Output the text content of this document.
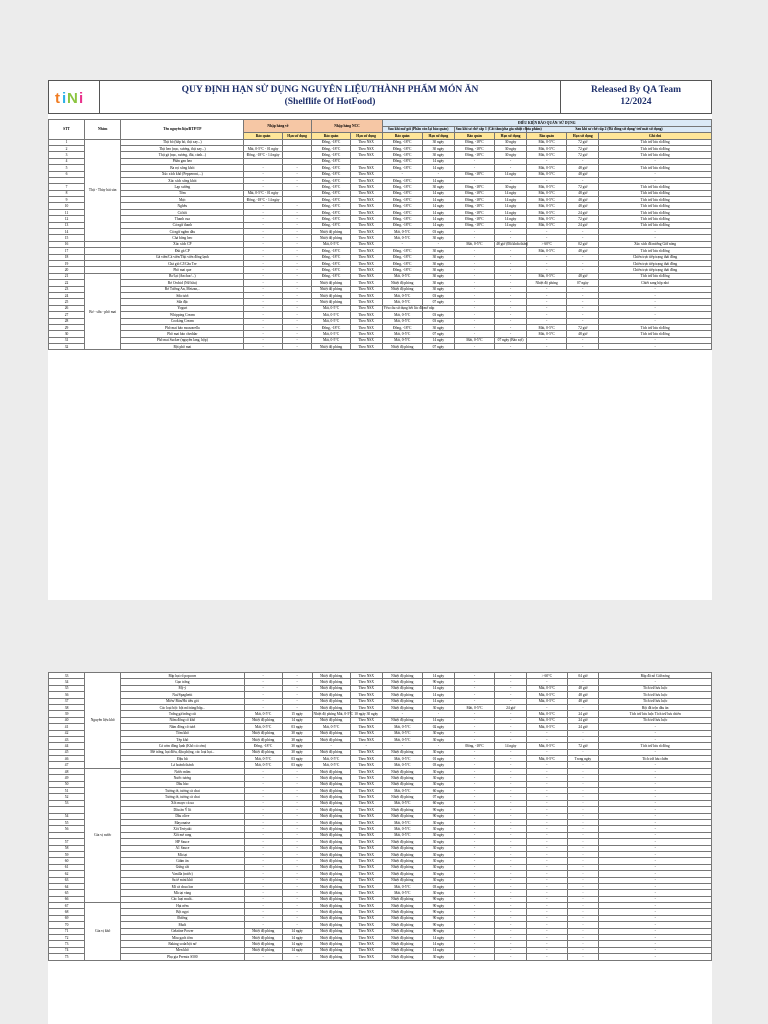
t i N i	QUY ĐỊNH HẠN SỬ DỤNG NGUYÊN LIỆU/THÀNH PHẨM MÓN ĂN
(Shelflife Of HotFood)
Released By QA Team
12/2024
STT	Nhóm	Tên nguyên liệu/BTP/TP	Nhập hàng về		Nhập hàng NCC		ĐIỀU KIỆN BẢO QUẢN/ SỬ DỤNG						
							Sau khi mở gói (Phần còn lại bảo quản)		Sau khi sơ chế cấp 1 (Cắt tầm/pha gia nhiệt chưa phẩm)		Sau khi sơ chế cấp 2 (Đã đóng sử dụng/ trữ mát sử dụng)		
			Bảo quản	Hạn sử dụng	Bảo quản	Hạn sử dụng	Bảo quản	Hạn sử dụng	Bảo quản	Hạn sử dụng	Bảo quản	Hạn sử dụng	Ghi chú
1	Thịt - Thủy hải sản	Thịt bò (bắp bò, thịt xay...)			Đông, -18°C	Theo NSX	Đông, -18°C	30 ngày	Đông, -18°C	30 ngày	Mát, 0-5°C	72 giờ	Tích trữ lưu rã đông
2		Thịt heo (nạc, xương, thịt xay...)	Mát, 0-5°C - 01 ngày		Đông, -18°C	Theo NSX	Đông, -18°C	30 ngày	Đông, -18°C	30 ngày	Mát, 0-5°C	72 giờ	Tích trữ lưu rã đông
3		Thịt gà (nạc, xương, đùi, cánh...)	Đông, -18°C - 14 ngày		Đông, -18°C	Theo NSX	Đông, -18°C	30 ngày	Đông, -18°C	30 ngày	Mát, 0-5°C	72 giờ	Tích trữ lưu rã đông
4		Phần gan heo			Đông, -18°C		Đông, -18°C	14 ngày	-	-	-	-	-
5		Ba rọi xông khói	-	-	Đông, -18°C	Theo NSX	Đông, -18°C	14 ngày	-	-	Mát, 0-5°C	48 giờ	Tích trữ lưu rã đông
6		Xúc xích khô (Pepperoni,...)	-	-	Đông, -18°C	Theo NSX	-	-	Đông, -18°C	14 ngày	Mát, 0-5°C	48 giờ	-
		Xúc xích xông khói	-	-	Đông, -18°C	Theo NSX	Đông, -18°C	14 ngày	-	-	-	-	-
7		Lạp xưởng	-	-	Đông, -18°C	Theo NSX	Đông, -18°C	30 ngày	Đông, -18°C	30 ngày	Mát, 0-5°C	72 giờ	Tích trữ lưu rã đông
8		Tôm	Mát, 0-5°C - 01 ngày		Đông, -18°C	Theo NSX	Đông, -18°C	14 ngày	Đông, -18°C	14 ngày	Mát, 0-5°C	48 giờ	Tích trữ lưu rã đông
9		Mực	Đông, -18°C - 14 ngày		Đông, -18°C	Theo NSX	Đông, -18°C	14 ngày	Đông, -18°C	14 ngày	Mát, 0-5°C	48 giờ	Tích trữ lưu rã đông
10		Nghêu	-	-	Đông, -18°C	Theo NSX	Đông, -18°C	14 ngày	Đông, -18°C	14 ngày	Mát, 0-5°C	48 giờ	Tích trữ lưu rã đông
11		Cá hồi	-	-	Đông, -18°C	Theo NSX	Đông, -18°C	14 ngày	Đông, -18°C	14 ngày	Mát, 0-5°C	24 giờ	Tích trữ lưu rã đông
12		Thanh cua	-	-	Đông, -18°C	Theo NSX	Đông, -18°C	14 ngày	Đông, -18°C	14 ngày	Mát, 0-5°C	72 giờ	Tích trữ lưu rã đông
13		Cá ngừ thanh	-	-	Đông, -18°C	Theo NSX	Đông, -18°C	14 ngày	Đông, -18°C	14 ngày	Mát, 0-5°C	24 giờ	Tích trữ lưu rã đông
14		Cá ngừ ngâm dầu	-	-	Nhiệt độ phòng	Theo NSX	Mát, 0-5°C	03 ngày	-	-	-	-	-
15		Chả bông heo	-	-	Nhiệt độ phòng	Theo NSX	Mát, 0-5°C	30 ngày	-	-	-	-	-
16		Xúc xích CP	-	-	Mát, 0-5°C	Theo NSX	-	-	Mát, 0-5°C	48 giờ (Đã khứa thân)	> 60°C	02 giờ	Xúc xích đã nướng Giữ nóng
17		Đùi gà CP	-	-	Đông, -18°C	Theo NSX	Đông, -18°C	30 ngày	-	-	Mát, 0-5°C	48 giờ	Tích trữ lưu rã đông
18		Gà viên/Cá viên/Thịt viên đông lạnh	-	-	Đông, -18°C	Theo NSX	Đông, -18°C	30 ngày	-	-	-	-	Chiên trực tiếp trạng thái đông
19		Chả giò CJ/Cầu Tre	-	-	Đông, -18°C	Theo NSX	Đông, -18°C	30 ngày	-	-	-	-	Chiên trực tiếp trạng thái đông
20		Phô mai que	-	-	Đông, -18°C	Theo NSX	Đông, -18°C	30 ngày	-	-	-	-	Chiên trực tiếp trạng thái đông
21	Bơ - sữa - phô mai	Bơ lạt (Anchor/...)	-	-	Đông, -18°C	Theo NSX	Mát, 0-5°C	30 ngày	-	-	Mát, 0-5°C	48 giờ	Tích trữ lưu rã đông
22		Bơ Orchid (Nữ hầu)	-	-	Nhiệt độ phòng	Theo NSX	Nhiệt độ phòng	30 ngày	-	-	Nhiệt độ phòng	07 ngày	Chiết sang hộp nhỏ
23		Bơ Tường An, Meizan,..	-	-	Nhiệt độ phòng	Theo NSX	Nhiệt độ phòng	30 ngày	-	-	-	-	-
24		Sữa tươi	-	-	Nhiệt độ phòng	Theo NSX	Mát, 0-5°C	03 ngày	-	-	-	-	-
25		Sữa đặc	-	-	Nhiệt độ phòng	Theo NSX	Mát, 0-5°C	07 ngày	-	-	-	-	-
26		Yogurt	-	-	Mát, 0-5°C	Theo NSX	Yêu cầu sử dụng hết lúc đã mở nắp		-	-	-	-	-
27		Whipping Cream	-	-	Mát, 0-5°C	Theo NSX	Mát, 0-5°C	03 ngày	-	-	-	-	-
28		Cooking Cream	-	-	Mát, 0-5°C	Theo NSX	Mát, 0-5°C	03 ngày	-	-	-	-	-
29		Phô mai bào mozzarella	-	-	Đông, -18°C	Theo NSX	Đông, -18°C	30 ngày	-	-	Mát, 0-5°C	72 giờ	Tích trữ lưu rã đông
30		Phô mai bào cheddar	-	-	Mát, 0-5°C	Theo NSX	Mát, 0-5°C	07 ngày	-	-	Mát, 0-5°C	48 giờ	Tích trữ lưu rã đông
31		Phô mai Sucker (nguyên lang, hộp)	-	-	Mát, 0-5°C	Theo NSX	Mát, 0-5°C	14 ngày	Mát, 0-5°C	07 ngày (Bào sợi)	-	-	-
32		Bột phô mai	-	-	Nhiệt độ phòng	Theo NSX	Nhiệt độ phòng	07 ngày	-	-	-	-	-
33	Nguyên liệu khô	Bắp hạt rổ popcorn	-	-	Nhiệt độ phòng	Theo NSX	Nhiệt độ phòng	14 ngày	-	-	> 60°C	04 giờ	Bắp đã nổ Giữ nóng
34		Gạo trắng	-	-	Nhiệt độ phòng	Theo NSX	Nhiệt độ phòng	90 ngày	-	-	-	-	-
35		Mỳ ý	-	-	Nhiệt độ phòng	Theo NSX	Nhiệt độ phòng	14 ngày	-	-	Mát, 0-5°C	48 giờ	Tích trữ lưu luộc
36		Nui/Spaghetti	-	-	Nhiệt độ phòng	Theo NSX	Nhiệt độ phòng	14 ngày	-	-	Mát, 0-5°C	48 giờ	Tích trữ lưu luộc
37		Miến/ Bún/Hủ tiếu gói	-	-	Nhiệt độ phòng	Theo NSX	Nhiệt độ phòng	14 ngày	-	-	Mát, 0-5°C	48 giờ	Tích trữ lưu luộc
38		Các loại bột: bột mì/năng/bắp...	-	-	Nhiệt độ phòng	Theo NSX	Nhiệt độ phòng	30 ngày	Mát, 0-5°C	24 giờ	-	-	Bột đã trộn dầu ăn
39		Trứng gà/trứng cút	Mát, 0-5°C	15 ngày	Nhiệt độ phòng Mát, 0-5°C	10 ngày 30 ngày	-	-	-	-	Mát, 0-5°C	24 giờ	Tích trữ lưu luộc Tích trữ lưu chiên
40		Nấm đông cô khô	Nhiệt độ phòng	14 ngày	Nhiệt độ phòng	Theo NSX	Nhiệt độ phòng	14 ngày	-	-	Mát, 0-5°C	24 giờ	Tích trữ lưu luộc
41		Nấm đông cô tươi	Mát, 0-5°C	03 ngày	Mát, 0-5°C	Theo NSX	Mát, 0-5°C	02 ngày	-	-	Mát, 0-5°C	24 giờ	-
42		Tôm khô	Nhiệt độ phòng	30 ngày	Nhiệt độ phòng	Theo NSX	Mát, 0-5°C	30 ngày	-	-	-	-	-
43		Tép khô	Nhiệt độ phòng	30 ngày	Nhiệt độ phòng	Theo NSX	Mát, 0-5°C	30 ngày	-	-	-	-	-
44		Cá cơm đông lạnh (Khô cá cơm)	Đông, -18°C	30 ngày	-	-	-	-	Đông, -18°C	14 ngày	Mát, 0-5°C	72 giờ	Tích trữ lưu rã đông
45		Mè trắng, hạt điều, đậu phộng, các loại hạt...	Nhiệt độ phòng	30 ngày	Nhiệt độ phòng	Theo NSX	Nhiệt độ phòng	30 ngày	-	-	-	-	-
46		Đậu hũ	Mát, 0-5°C	03 ngày	Mát, 0-5°C	Theo NSX	Mát, 0-5°C	01 ngày	-	-	Mát, 0-5°C	Trong ngày	Tích trữ lưu chiên
47		Lá hoành thánh	Mát, 0-5°C	03 ngày	Mát, 0-5°C	Theo NSX	Mát, 0-5°C	03 ngày	-	-	-	-	-
48	Gia vị nước	Nước mắm	-	-	Nhiệt độ phòng	Theo NSX	Nhiệt độ phòng	30 ngày	-	-	-	-	-
49		Nước tương	-	-	Nhiệt độ phòng	Theo NSX	Nhiệt độ phòng	30 ngày	-	-	-	-	-
50		Dầu hào	-	-	Nhiệt độ phòng	Theo NSX	Nhiệt độ phòng	30 ngày	-	-	-	-	-
51		Tương ớt, tương cà chai	-	-	Nhiệt độ phòng	Theo NSX	Mát, 0-5°C	60 ngày	-	-	-	-	-
52		Tương ớt, tương cà chai	-	-	Nhiệt độ phòng	Theo NSX	Nhiệt độ phòng	07 ngày	-	-	-	-	-
53		Xốt mayo cà ua	-	-	Nhiệt độ phòng	Theo NSX	Mát, 0-5°C	60 ngày	-	-	-	-	-
		Dầu ăn Ý lít	-	-	Nhiệt độ phòng	Theo NSX	Nhiệt độ phòng	90 ngày	-	-	-	-	-
54		Dầu olive	-	-	Nhiệt độ phòng	Theo NSX	Nhiệt độ phòng	90 ngày	-	-	-	-	-
55		Mayonaise	-	-	Nhiệt độ phòng	Theo NSX	Mát, 0-5°C	30 ngày	-	-	-	-	-
56		Xốt Teriyaki	-	-	Nhiệt độ phòng	Theo NSX	Mát, 0-5°C	30 ngày	-	-	-	-	-
		Xốt mè rang	-	-	Nhiệt độ phòng	Theo NSX	Mát, 0-5°C	30 ngày	-	-	-	-	-
57		HP Sauce	-	-	Nhiệt độ phòng	Theo NSX	Nhiệt độ phòng	30 ngày	-	-	-	-	-
58		A1 Sauce	-	-	Nhiệt độ phòng	Theo NSX	Nhiệt độ phòng	30 ngày	-	-	-	-	-
59		Mù tạt	-	-	Nhiệt độ phòng	Theo NSX	Nhiệt độ phòng	30 ngày	-	-	-	-	-
60		Giấm ăn	-	-	Nhiệt độ phòng	Theo NSX	Nhiệt độ phòng	30 ngày	-	-	-	-	-
61		Gừng cắt	-	-	Nhiệt độ phòng	Theo NSX	Nhiệt độ phòng	30 ngày	-	-	-	-	-
62		Vanilla (nước)	-	-	Nhiệt độ phòng	Theo NSX	Nhiệt độ phòng	30 ngày	-	-	-	-	-
63		Sa tế mini khô	-	-	Nhiệt độ phòng	Theo NSX	Nhiệt độ phòng	30 ngày	-	-	-	-	-
64		Mì cà chua lon	-	-	Nhiệt độ phòng	Theo NSX	Mát, 0-5°C	03 ngày	-	-	-	-	-
65		Mù tạt vàng	-	-	Nhiệt độ phòng	Theo NSX	Mát, 0-5°C	30 ngày	-	-	-	-	-
66		Các loại muối..	-	-	Nhiệt độ phòng	Theo NSX	Nhiệt độ phòng	90 ngày	-	-	-	-	-
67	Gia vị khô	Hạt nêm	-	-	Nhiệt độ phòng	Theo NSX	Nhiệt độ phòng	90 ngày	-	-	-	-	-
68		Bột ngọt	-	-	Nhiệt độ phòng	Theo NSX	Nhiệt độ phòng	90 ngày	-	-	-	-	-
69		Đường	-	-	Nhiệt độ phòng	Theo NSX	Nhiệt độ phòng	90 ngày	-	-	-	-	-
70		Muối	-	-	Nhiệt độ phòng	Theo NSX	Nhiệt độ phòng	90 ngày	-	-	-	-	-
71		Gelatine Power	Nhiệt độ phòng	14 ngày	Nhiệt độ phòng	Theo NSX	Nhiệt độ phòng	90 ngày	-	-	-	-	-
72		Màu gạch tôm	Nhiệt độ phòng	14 ngày	Nhiệt độ phòng	Theo NSX	Nhiệt độ phòng	14 ngày	-	-	-	-	-
73		Baking soda/bột nở	Nhiệt độ phòng	14 ngày	Nhiệt độ phòng	Theo NSX	Nhiệt độ phòng	14 ngày	-	-	-	-	-
74		Men khô	Nhiệt độ phòng	14 ngày	Nhiệt độ phòng	Theo NSX	Nhiệt độ phòng	14 ngày	-	-	-	-	-
75		Phụ gia Premix S500	-	-	Nhiệt độ phòng	Theo NSX	Nhiệt độ phòng	30 ngày	-	-	-	-	-
